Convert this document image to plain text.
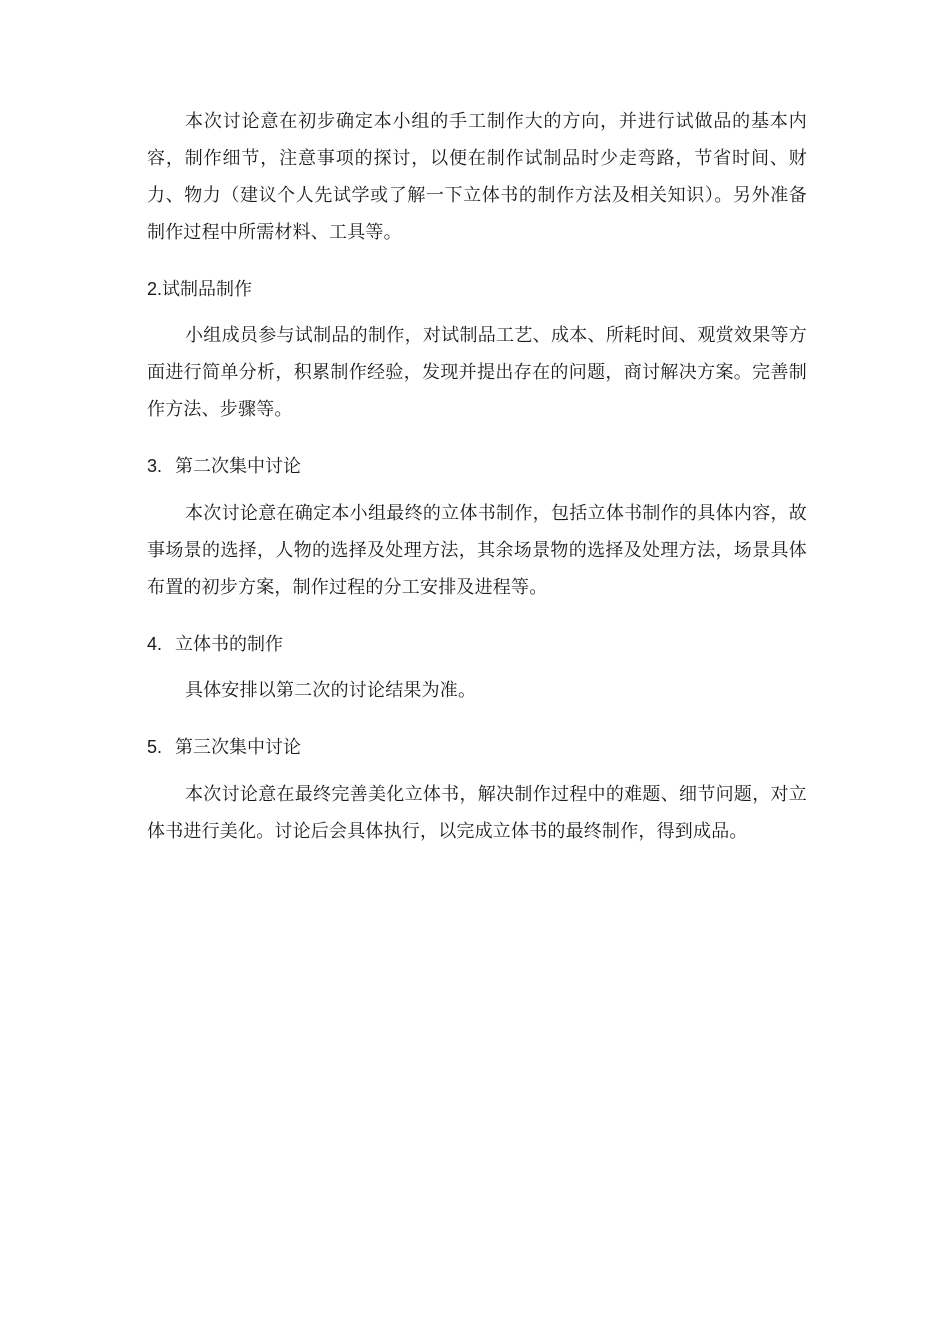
本次讨论意在初步确定本小组的手工制作大的方向，并进行试做品的基本内容，制作细节，注意事项的探讨，以便在制作试制品时少走弯路，节省时间、财力、物力（建议个人先试学或了解一下立体书的制作方法及相关知识）。另外准备制作过程中所需材料、工具等。

2.试制品制作

小组成员参与试制品的制作，对试制品工艺、成本、所耗时间、观赏效果等方面进行简单分析，积累制作经验，发现并提出存在的问题，商讨解决方案。完善制作方法、步骤等。

3. 第二次集中讨论

本次讨论意在确定本小组最终的立体书制作，包括立体书制作的具体内容，故事场景的选择，人物的选择及处理方法，其余场景物的选择及处理方法，场景具体布置的初步方案，制作过程的分工安排及进程等。

4. 立体书的制作

具体安排以第二次的讨论结果为准。

5. 第三次集中讨论

本次讨论意在最终完善美化立体书，解决制作过程中的难题、细节问题，对立体书进行美化。讨论后会具体执行，以完成立体书的最终制作，得到成品。
